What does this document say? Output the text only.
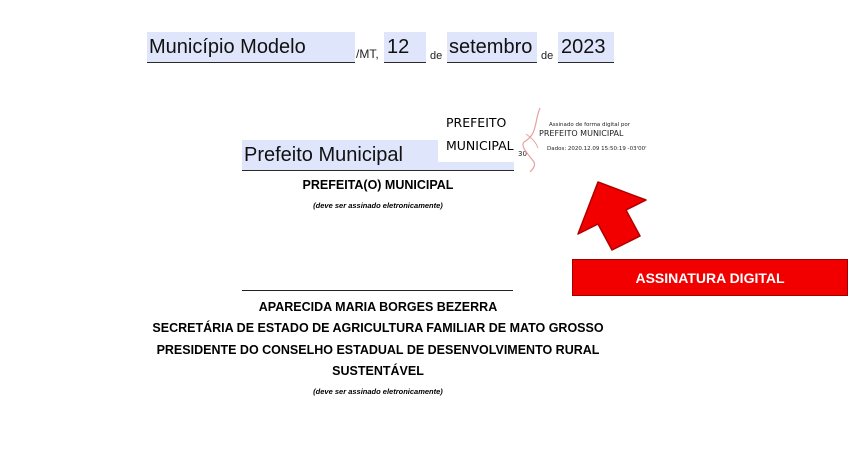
Município Modelo	/MT, 12	de setembro de 2023
Prefeito Municipal
PREFEITO
MUNICIPAL
30
Assinado de forma digital por
PREFEITO MUNICIPAL
Dados: 2020.12.09 15:50:19 -03'00'
PREFEITA(O) MUNICIPAL
(deve ser assinado eletronicamente)
ASSINATURA DIGITAL
APARECIDA MARIA BORGES BEZERRA
SECRETÁRIA DE ESTADO DE AGRICULTURA FAMILIAR DE MATO GROSSO
PRESIDENTE DO CONSELHO ESTADUAL DE DESENVOLVIMENTO RURAL
SUSTENTÁVEL
(deve ser assinado eletronicamente)
